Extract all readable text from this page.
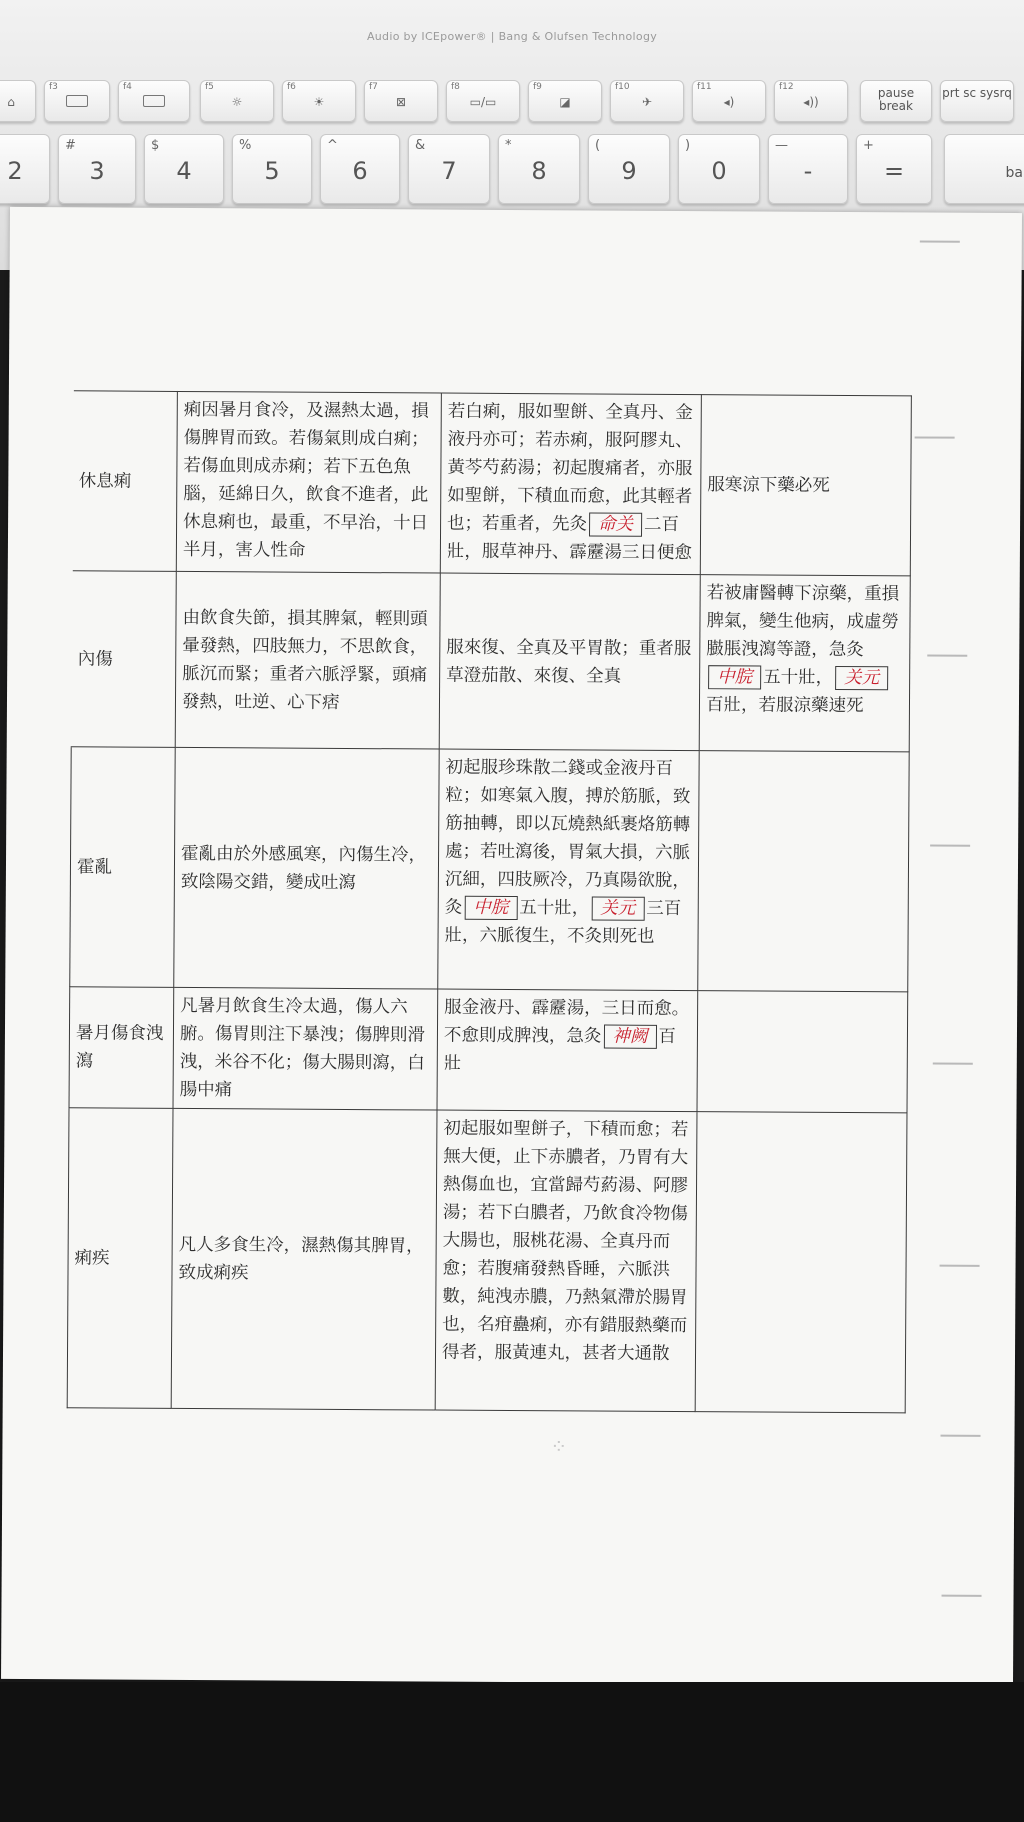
Audio by ICEpower® | Bang & Olufsen Technology
⌂
f3	f4	f5
☼
f6
☀
f7
⊠
f8
▭/▭
f9
◪
f10
✈
f11
◂)
f12
◂))
pause break
prt sc sysrq
2
#
3
$
4
%
5
^
6
&
7
*
8
(
9
)
0
—
-
+
=	ba
休息痢	痢因暑月食冷，及濕熱太過，損傷脾胃而致。若傷氣則成白痢；若傷血則成赤痢；若下五色魚腦，延綿日久，飲食不進者，此休息痢也，最重，不早治，十日半月，害人性命	若白痢，服如聖餅、全真丹、金液丹亦可；若赤痢，服阿膠丸、黃芩芍葯湯；初起腹痛者，亦服如聖餅，下積血而愈，此其輕者也；若重者，先灸 命关 二百壯，服草神丹、霹靂湯三日便愈	服寒涼下藥必死
內傷	由飲食失節，損其脾氣，輕則頭暈發熱，四肢無力，不思飲食，脈沉而緊；重者六脈浮緊，頭痛發熱，吐逆、心下痞	服來復、全真及平胃散；重者服草澄茄散、來復、全真	若被庸醫轉下涼藥，重損脾氣，變生他病，成虛勞臌脹洩瀉等證，急灸中脘 五十壯， 关元百壯，若服涼藥速死
霍亂	霍亂由於外感風寒，內傷生冷，致陰陽交錯，變成吐瀉	初起服珍珠散二錢或金液丹百粒；如寒氣入腹，搏於筋脈，致筋抽轉，即以瓦燒熱紙裹烙筋轉處；若吐瀉後，胃氣大損，六脈沉細，四肢厥冷，乃真陽欲脫，灸 中脘 五十壯， 关元 三百壯，六脈復生，不灸則死也	
暑月傷食洩瀉	凡暑月飲食生冷太過，傷人六腑。傷胃則注下暴洩；傷脾則滑洩，米谷不化；傷大腸則瀉，白腸中痛	服金液丹、霹靂湯，三日而愈。不愈則成脾洩，急灸 神阙 百壯	
痢疾	凡人多食生冷，濕熱傷其脾胃，致成痢疾	初起服如聖餅子，下積而愈；若無大便，止下赤膿者，乃胃有大熱傷血也，宜當歸芍葯湯、阿膠湯；若下白膿者，乃飲食冷物傷大腸也，服桃花湯、全真丹而愈；若腹痛發熱昏睡，六脈洪數，純洩赤膿，乃熱氣滯於腸胃也，名疳蠱痢，亦有錯服熱藥而得者，服黃連丸，甚者大通散	
⁘
